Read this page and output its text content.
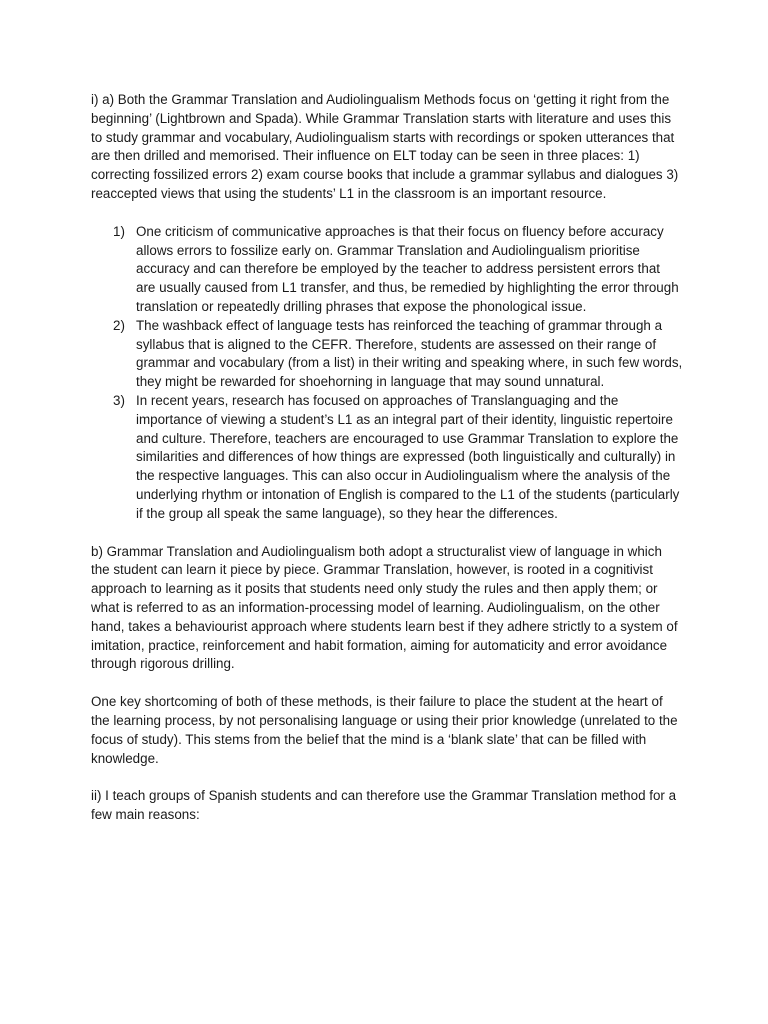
i) a) Both the Grammar Translation and Audiolingualism Methods focus on ‘getting it right from the beginning’ (Lightbrown and Spada). While Grammar Translation starts with literature and uses this to study grammar and vocabulary, Audiolingualism starts with recordings or spoken utterances that are then drilled and memorised. Their influence on ELT today can be seen in three places: 1) correcting fossilized errors 2) exam course books that include a grammar syllabus and dialogues 3) reaccepted views that using the students’ L1 in the classroom is an important resource.

1) One criticism of communicative approaches is that their focus on fluency before accuracy allows errors to fossilize early on. Grammar Translation and Audiolingualism prioritise accuracy and can therefore be employed by the teacher to address persistent errors that are usually caused from L1 transfer, and thus, be remedied by highlighting the error through translation or repeatedly drilling phrases that expose the phonological issue.
2) The washback effect of language tests has reinforced the teaching of grammar through a syllabus that is aligned to the CEFR. Therefore, students are assessed on their range of grammar and vocabulary (from a list) in their writing and speaking where, in such few words, they might be rewarded for shoehorning in language that may sound unnatural.
3) In recent years, research has focused on approaches of Translanguaging and the importance of viewing a student’s L1 as an integral part of their identity, linguistic repertoire and culture. Therefore, teachers are encouraged to use Grammar Translation to explore the similarities and differences of how things are expressed (both linguistically and culturally) in the respective languages. This can also occur in Audiolingualism where the analysis of the underlying rhythm or intonation of English is compared to the L1 of the students (particularly if the group all speak the same language), so they hear the differences.

b) Grammar Translation and Audiolingualism both adopt a structuralist view of language in which the student can learn it piece by piece. Grammar Translation, however, is rooted in a cognitivist approach to learning as it posits that students need only study the rules and then apply them; or what is referred to as an information-processing model of learning. Audiolingualism, on the other hand, takes a behaviourist approach where students learn best if they adhere strictly to a system of imitation, practice, reinforcement and habit formation, aiming for automaticity and error avoidance through rigorous drilling.

One key shortcoming of both of these methods, is their failure to place the student at the heart of the learning process, by not personalising language or using their prior knowledge (unrelated to the focus of study). This stems from the belief that the mind is a ‘blank slate’ that can be filled with knowledge.

ii) I teach groups of Spanish students and can therefore use the Grammar Translation method for a few main reasons:
